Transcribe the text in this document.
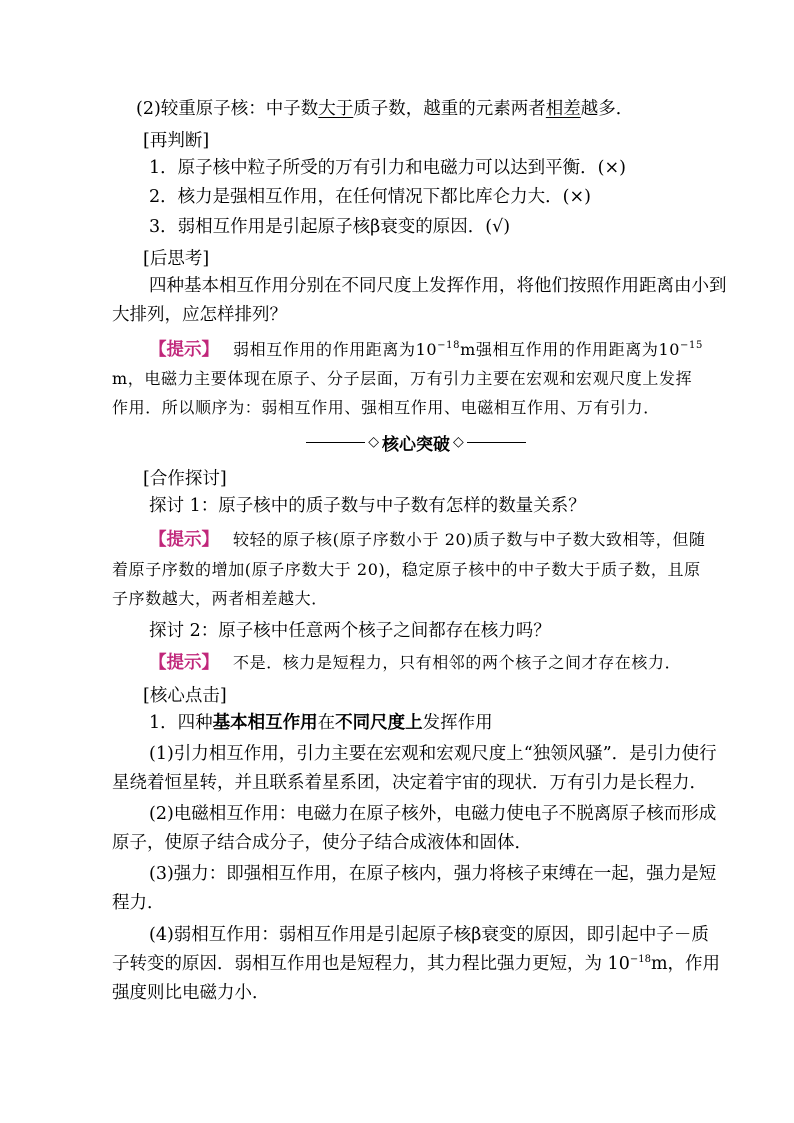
(2)较重原子核：中子数大于质子数，越重的元素两者相差越多．
[再判断]
1．原子核中粒子所受的万有引力和电磁力可以达到平衡．(×)
2．核力是强相互作用，在任何情况下都比库仑力大．(×)
3．弱相互作用是引起原子核β衰变的原因．(√)
[后思考]
四种基本相互作用分别在不同尺度上发挥作用，将他们按照作用距离由小到
大排列，应怎样排列？
【提示】 弱相互作用的作用距离为$10^{-18}m$强相互作用的作用距离为$10^{-15}$
m，电磁力主要体现在原子、分子层面，万有引力主要在宏观和宏观尺度上发挥
作用．所以顺序为：弱相互作用、强相互作用、电磁相互作用、万有引力．
◇ 核心突破 ◇
[合作探讨]
探讨 1：原子核中的质子数与中子数有怎样的数量关系？
【提示】 较轻的原子核(原子序数小于 20)质子数与中子数大致相等，但随
着原子序数的增加(原子序数大于 20)，稳定原子核中的中子数大于质子数，且原
子序数越大，两者相差越大．
探讨 2：原子核中任意两个核子之间都存在核力吗？
【提示】 不是．核力是短程力，只有相邻的两个核子之间才存在核力．
[核心点击]
1．四种基本相互作用在不同尺度上发挥作用
(1)引力相互作用，引力主要在宏观和宏观尺度上“独领风骚”．是引力使行
星绕着恒星转，并且联系着星系团，决定着宇宙的现状．万有引力是长程力．
(2)电磁相互作用：电磁力在原子核外，电磁力使电子不脱离原子核而形成
原子，使原子结合成分子，使分子结合成液体和固体．
(3)强力：即强相互作用，在原子核内，强力将核子束缚在一起，强力是短
程力．
(4)弱相互作用：弱相互作用是引起原子核β衰变的原因，即引起中子－质
子转变的原因．弱相互作用也是短程力，其力程比强力更短，为 $10^{-18}m$，作用
强度则比电磁力小．
